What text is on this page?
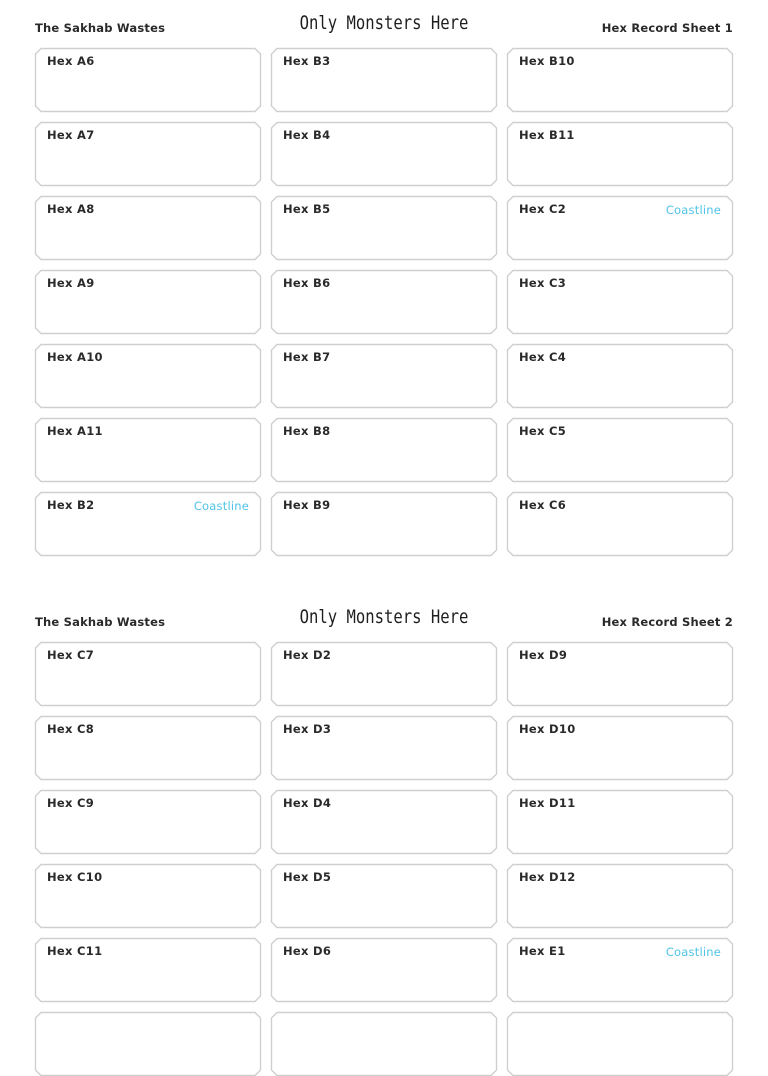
The Sakhab Wastes	Only Monsters Here	Hex Record Sheet 1
Hex A6	Hex B3	Hex B10
Hex A7	Hex B4	Hex B11
Hex A8	Hex B5	Hex C2	Coastline
Hex A9	Hex B6	Hex C3
Hex A10	Hex B7	Hex C4
Hex A11	Hex B8	Hex C5
Hex B2	Coastline	Hex B9	Hex C6
The Sakhab Wastes	Only Monsters Here	Hex Record Sheet 2
Hex C7	Hex D2	Hex D9
Hex C8	Hex D3	Hex D10
Hex C9	Hex D4	Hex D11
Hex C10	Hex D5	Hex D12
Hex C11	Hex D6	Hex E1	Coastline
